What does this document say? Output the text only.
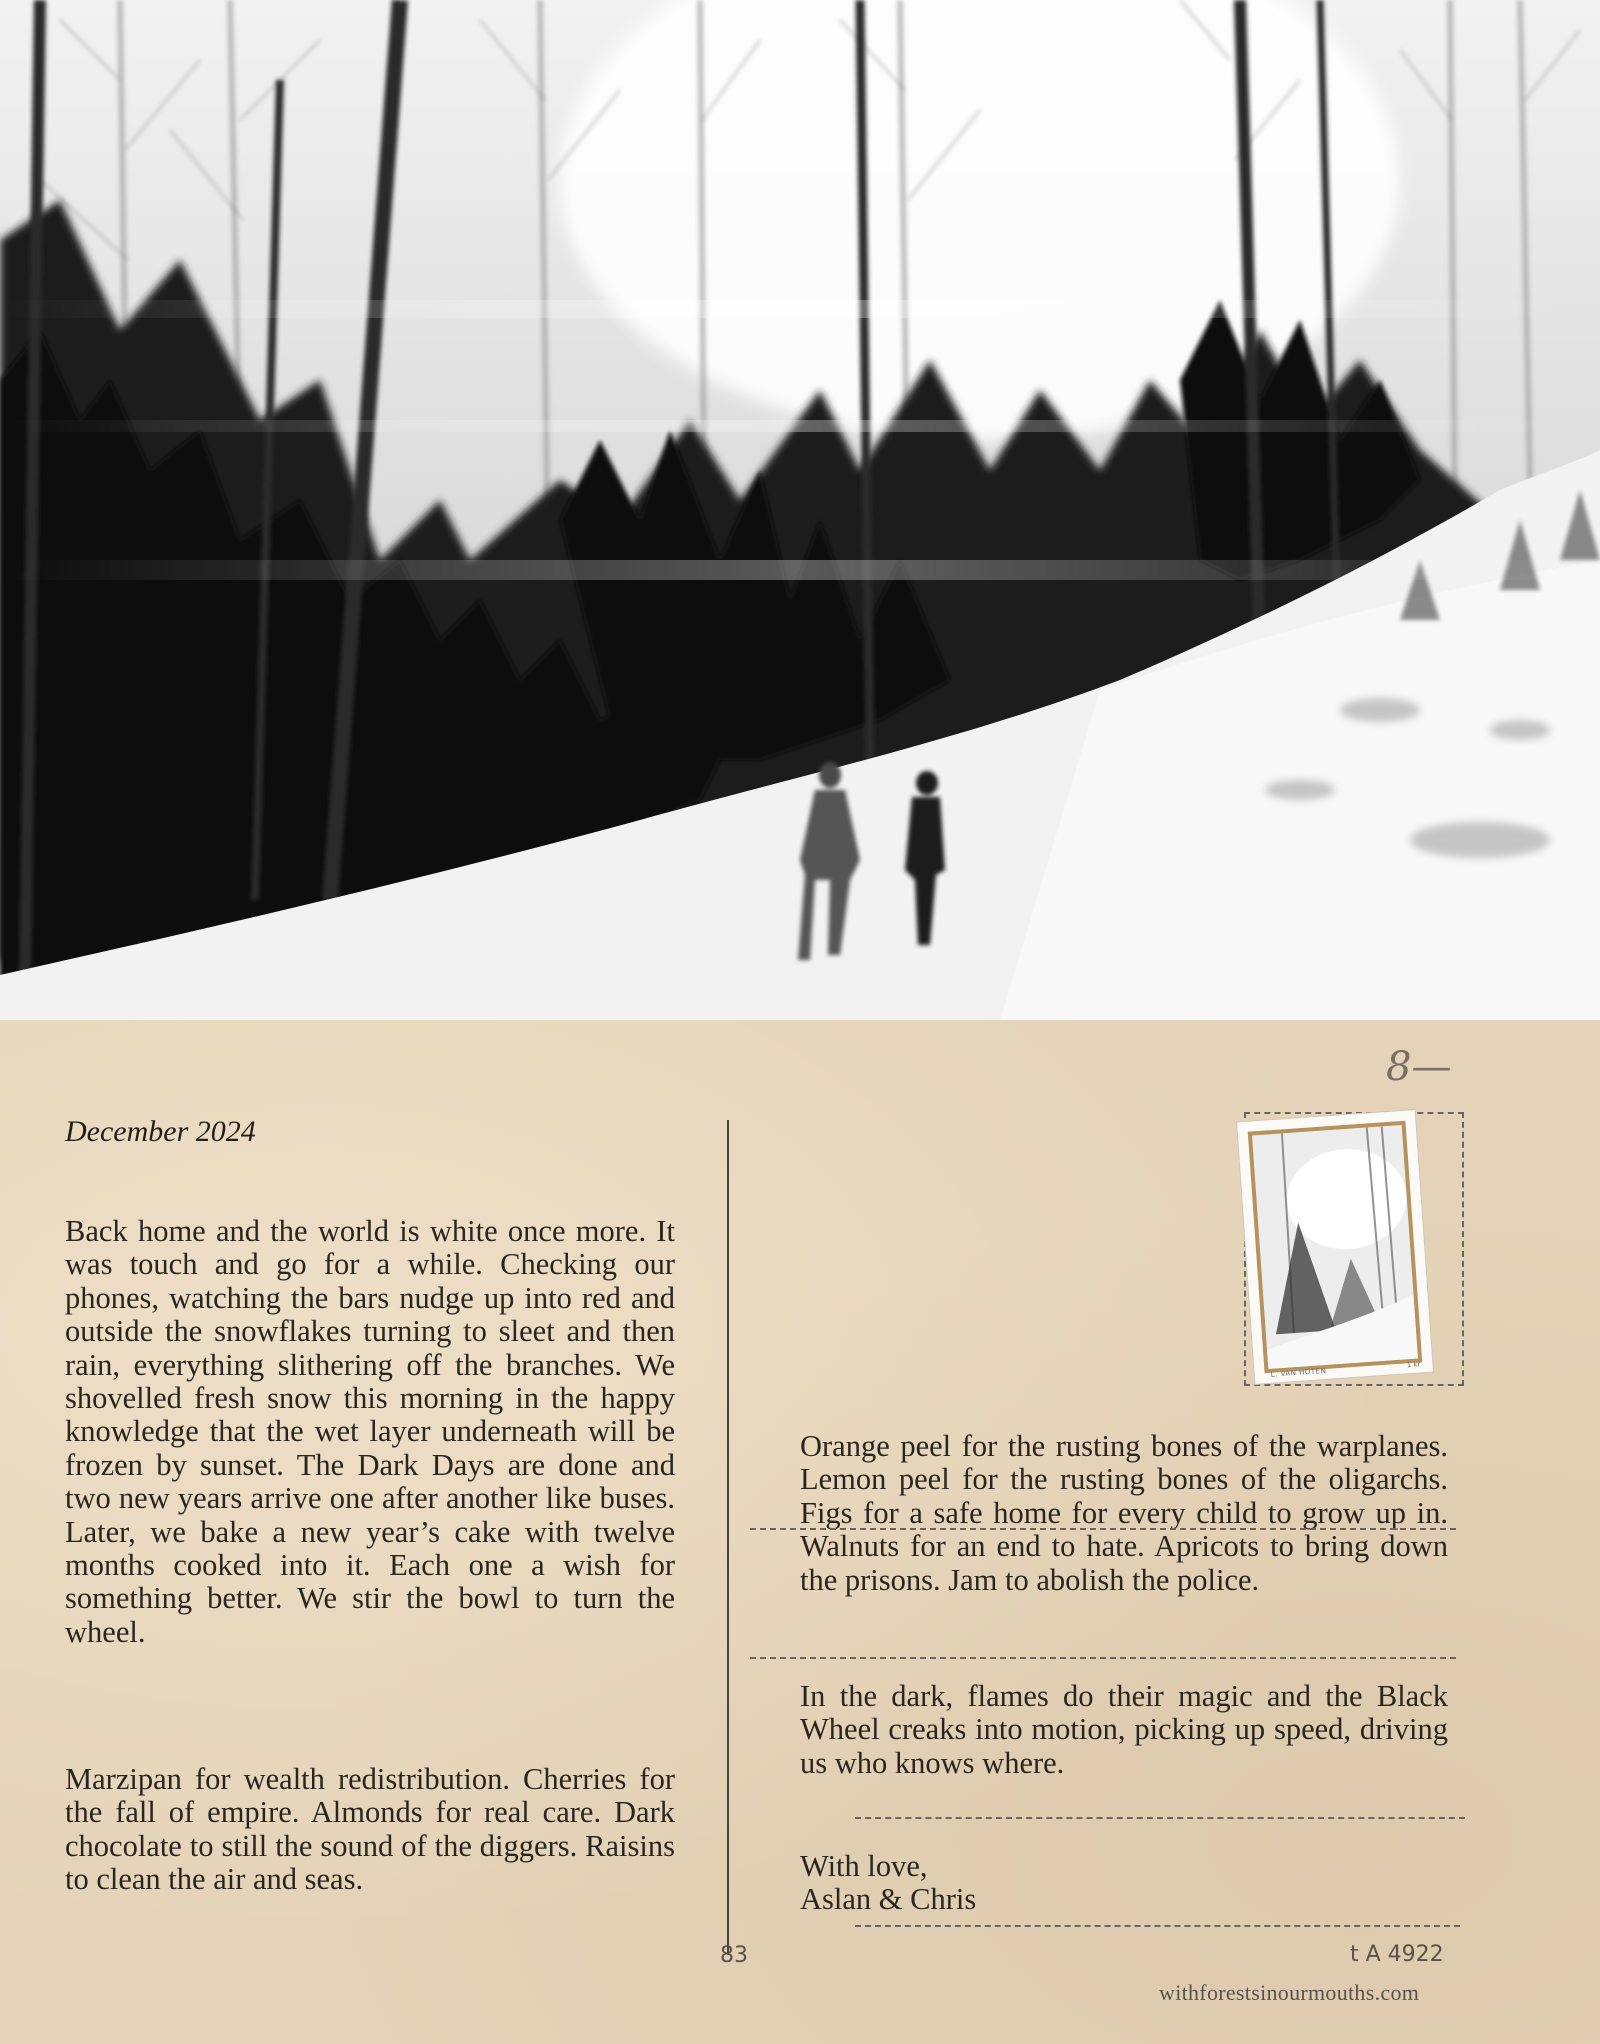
8—
December 2024

Back home and the world is white once more. It was touch and go for a while. Checking our phones, watching the bars nudge up into red and outside the snowflakes turning to sleet and then rain, everything slithering off the branches. We shovelled fresh snow this morning in the happy knowledge that the wet layer underneath will be frozen by sunset. The Dark Days are done and two new years arrive one after another like buses. Later, we bake a new year’s cake with twelve months cooked into it. Each one a wish for something better. We stir the bowl to turn the wheel.

Marzipan for wealth redistribution. Cherries for the fall of empire. Almonds for real care. Dark chocolate to still the sound of the diggers. Raisins to clean the air and seas.

83
L. VAN HOTEN
1 kr

Orange peel for the rusting bones of the warplanes. Lemon peel for the rusting bones of the oligarchs. Figs for a safe home for every child to grow up in. Walnuts for an end to hate. Apricots to bring down the prisons. Jam to abolish the police.

In the dark, flames do their magic and the Black Wheel creaks into motion, picking up speed, driving us who knows where.

With love,
Aslan & Chris
t A 4922
withforestsinourmouths.com
